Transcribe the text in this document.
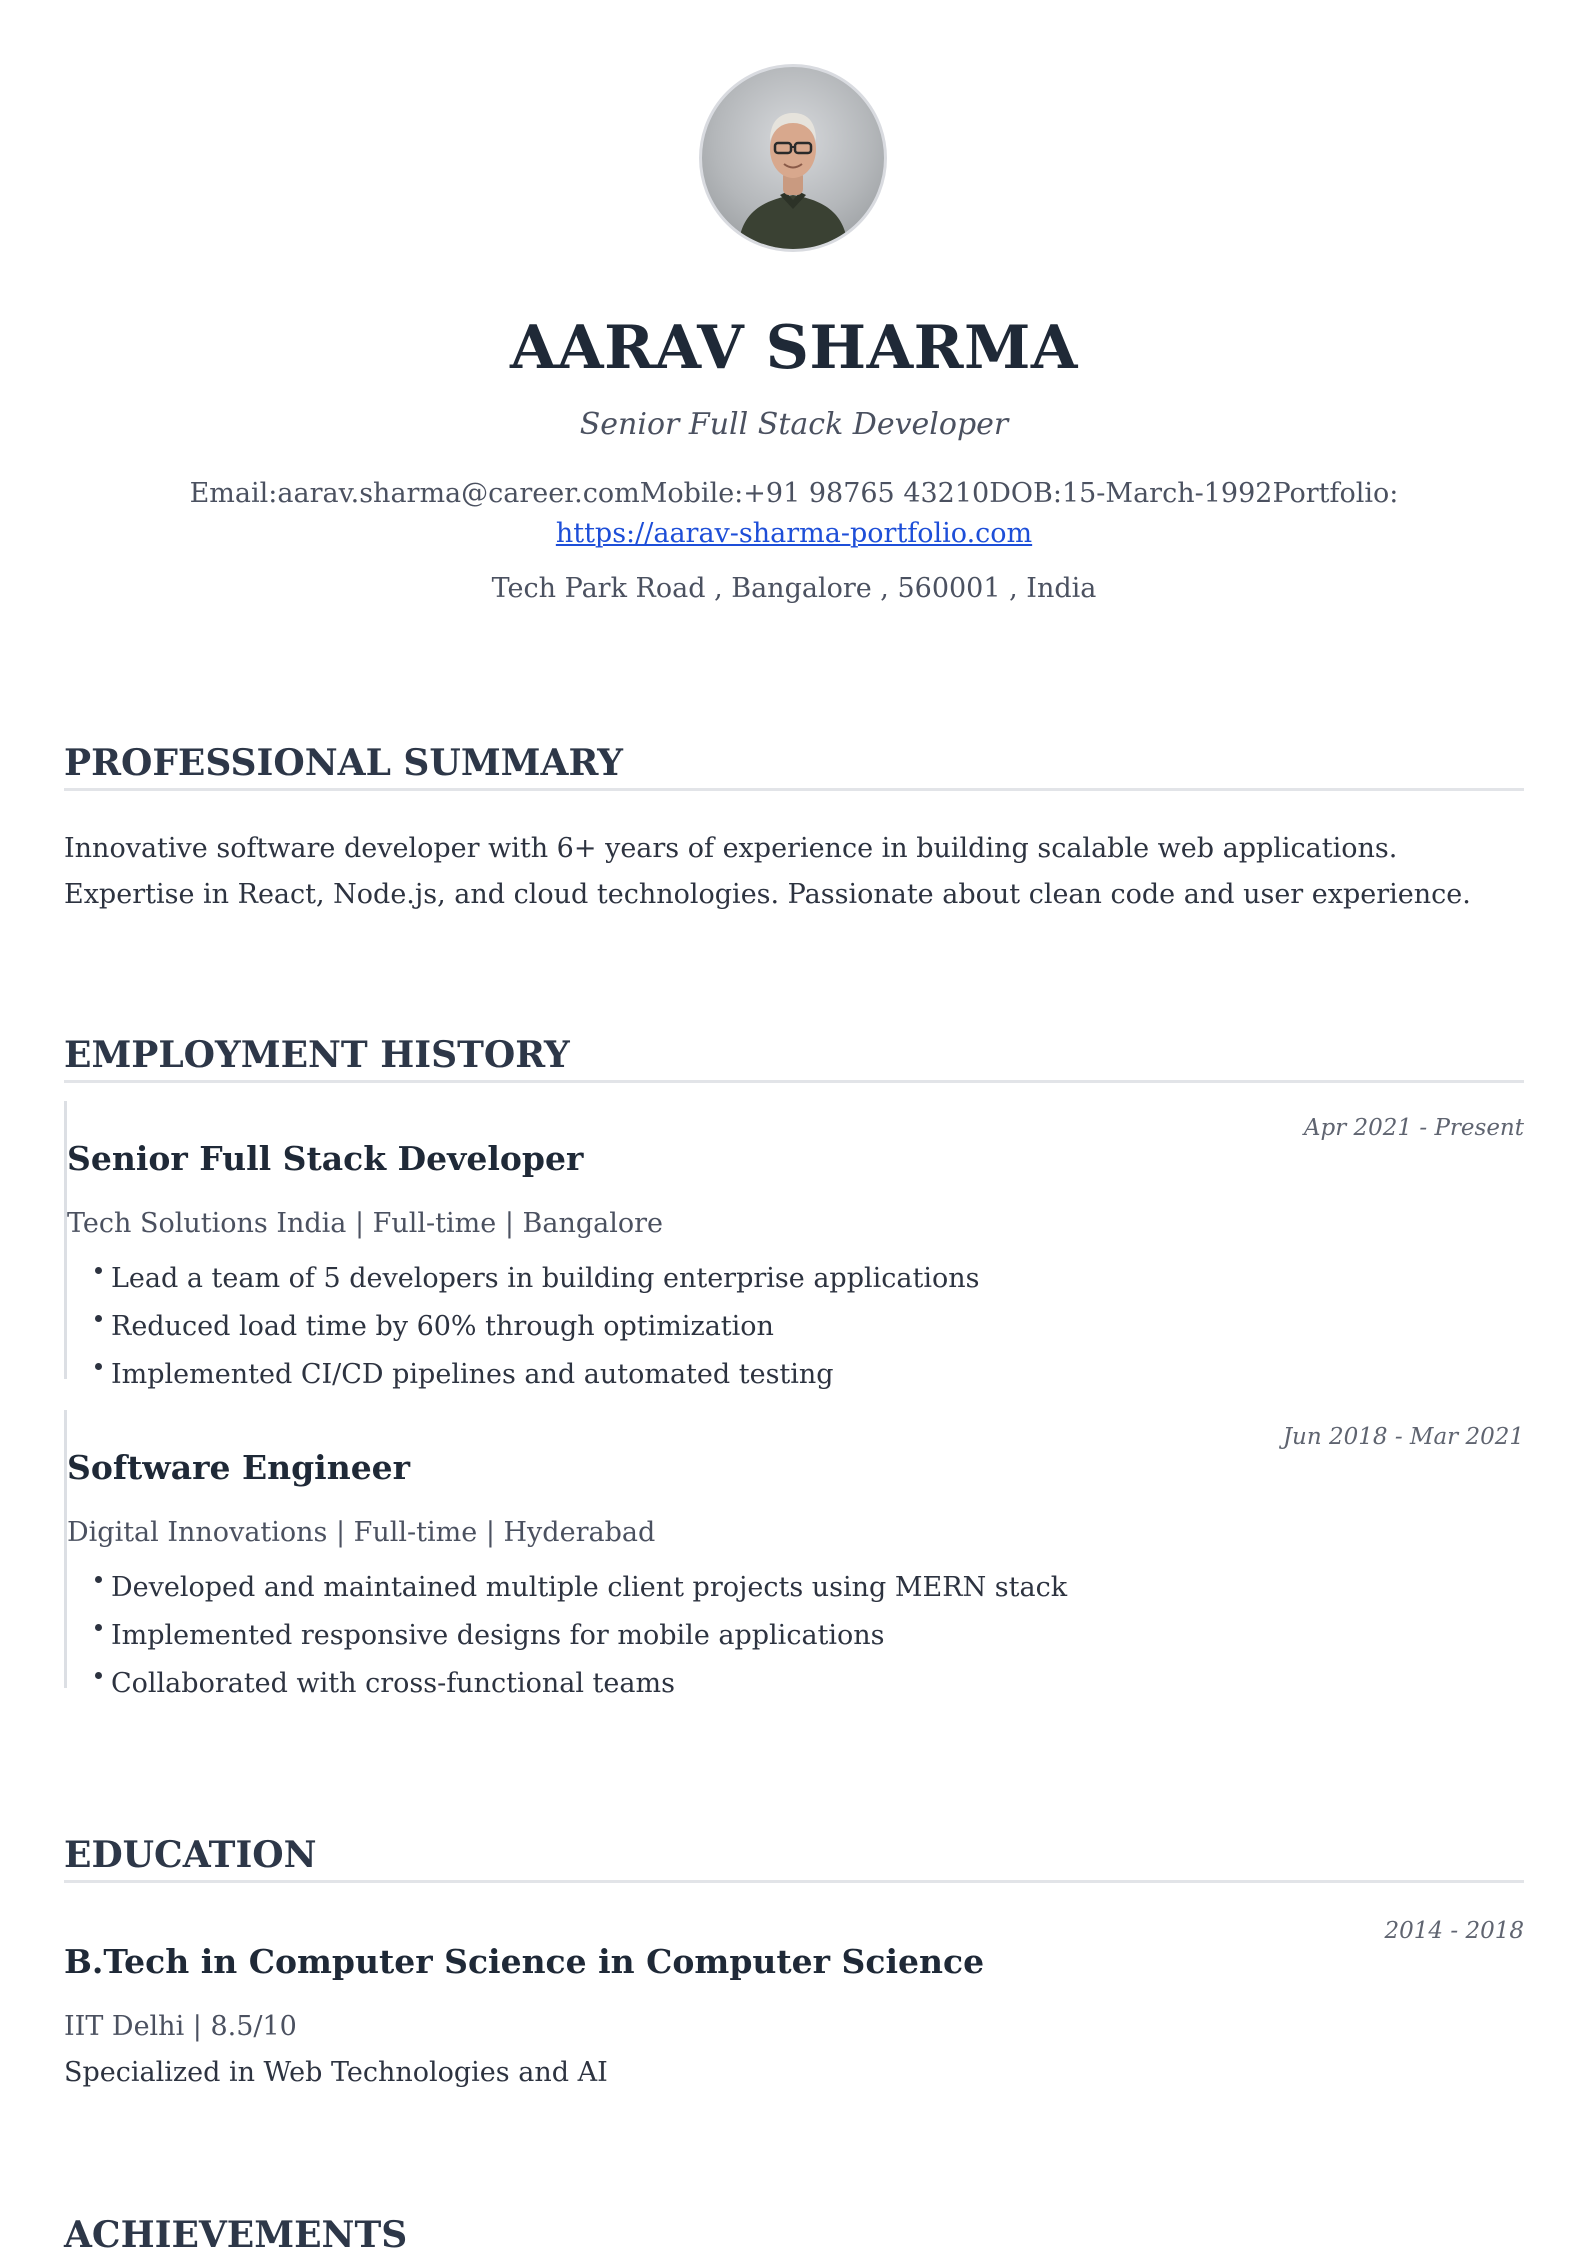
AARAV SHARMA
Senior Full Stack Developer
Email:aarav.sharma@career.comMobile:+91 98765 43210DOB:15-March-1992Portfolio:
https://aarav-sharma-portfolio.com
Tech Park Road , Bangalore , 560001 , India
PROFESSIONAL SUMMARY
Innovative software developer with 6+ years of experience in building scalable web applications. Expertise in React, Node.js, and cloud technologies. Passionate about clean code and user experience.
EMPLOYMENT HISTORY
Apr 2021 - Present
Senior Full Stack Developer
Tech Solutions India | Full-time | Bangalore
Lead a team of 5 developers in building enterprise applications
Reduced load time by 60% through optimization
Implemented CI/CD pipelines and automated testing
Jun 2018 - Mar 2021
Software Engineer
Digital Innovations | Full-time | Hyderabad
Developed and maintained multiple client projects using MERN stack
Implemented responsive designs for mobile applications
Collaborated with cross-functional teams
EDUCATION
2014 - 2018
B.Tech in Computer Science in Computer Science
IIT Delhi | 8.5/10
Specialized in Web Technologies and AI
ACHIEVEMENTS
